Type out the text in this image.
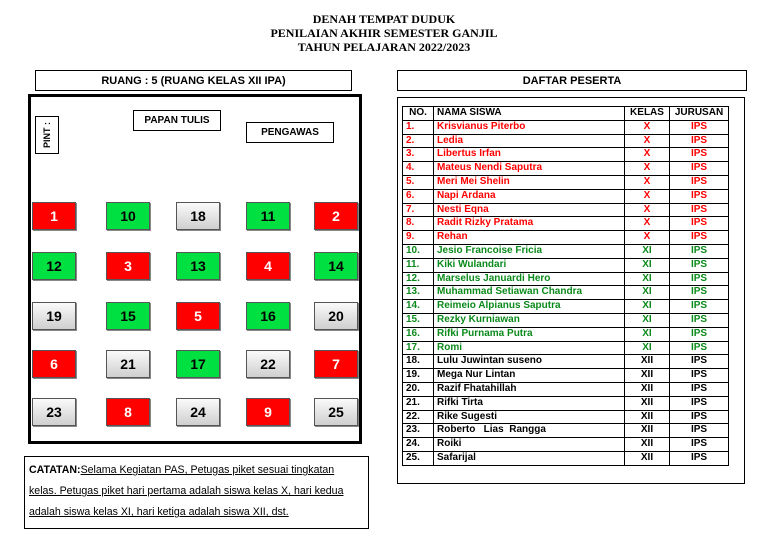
DENAH TEMPAT DUDUK
PENILAIAN AKHIR SEMESTER GANJIL
TAHUN PELAJARAN 2022/2023
RUANG : 5 (RUANG KELAS XII IPA)	DAFTAR PESERTA
PINT :
PAPAN TULIS
PENGAWAS
1	10	18	11	2
12	3	13	4	14
19	15	5	16	20
6	21	17	22	7
23	8	24	9	25
CATATAN:Selama Kegiatan PAS, Petugas piket sesuai tingkatan kelas. Petugas piket hari pertama adalah siswa kelas X, hari kedua adalah siswa kelas XI, hari ketiga adalah siswa XII, dst.
NO.	NAMA SISWA	KELAS	JURUSAN
1.	Krisvianus Piterbo	X	IPS
2.	Ledia	X	IPS
3.	Libertus Irfan	X	IPS
4.	Mateus Nendi Saputra	X	IPS
5.	Meri Mei Shelin	X	IPS
6.	Napi Ardana	X	IPS
7.	Nesti Eqna	X	IPS
8.	Radit Rizky Pratama	X	IPS
9.	Rehan	X	IPS
10.	Jesio Francoise Fricia	XI	IPS
11.	Kiki Wulandari	XI	IPS
12.	Marselus Januardi Hero	XI	IPS
13.	Muhammad Setiawan Chandra	XI	IPS
14.	Reimeio Alpianus Saputra	XI	IPS
15.	Rezky Kurniawan	XI	IPS
16.	Rifki Purnama Putra	XI	IPS
17.	Romi	XI	IPS
18.	Lulu Juwintan suseno	XII	IPS
19.	Mega Nur Lintan	XII	IPS
20.	Razif Fhatahillah	XII	IPS
21.	Rifki Tirta	XII	IPS
22.	Rike Sugesti	XII	IPS
23.	Roberto   Lias  Rangga	XII	IPS
24.	Roiki	XII	IPS
25.	Safarijal	XII	IPS
